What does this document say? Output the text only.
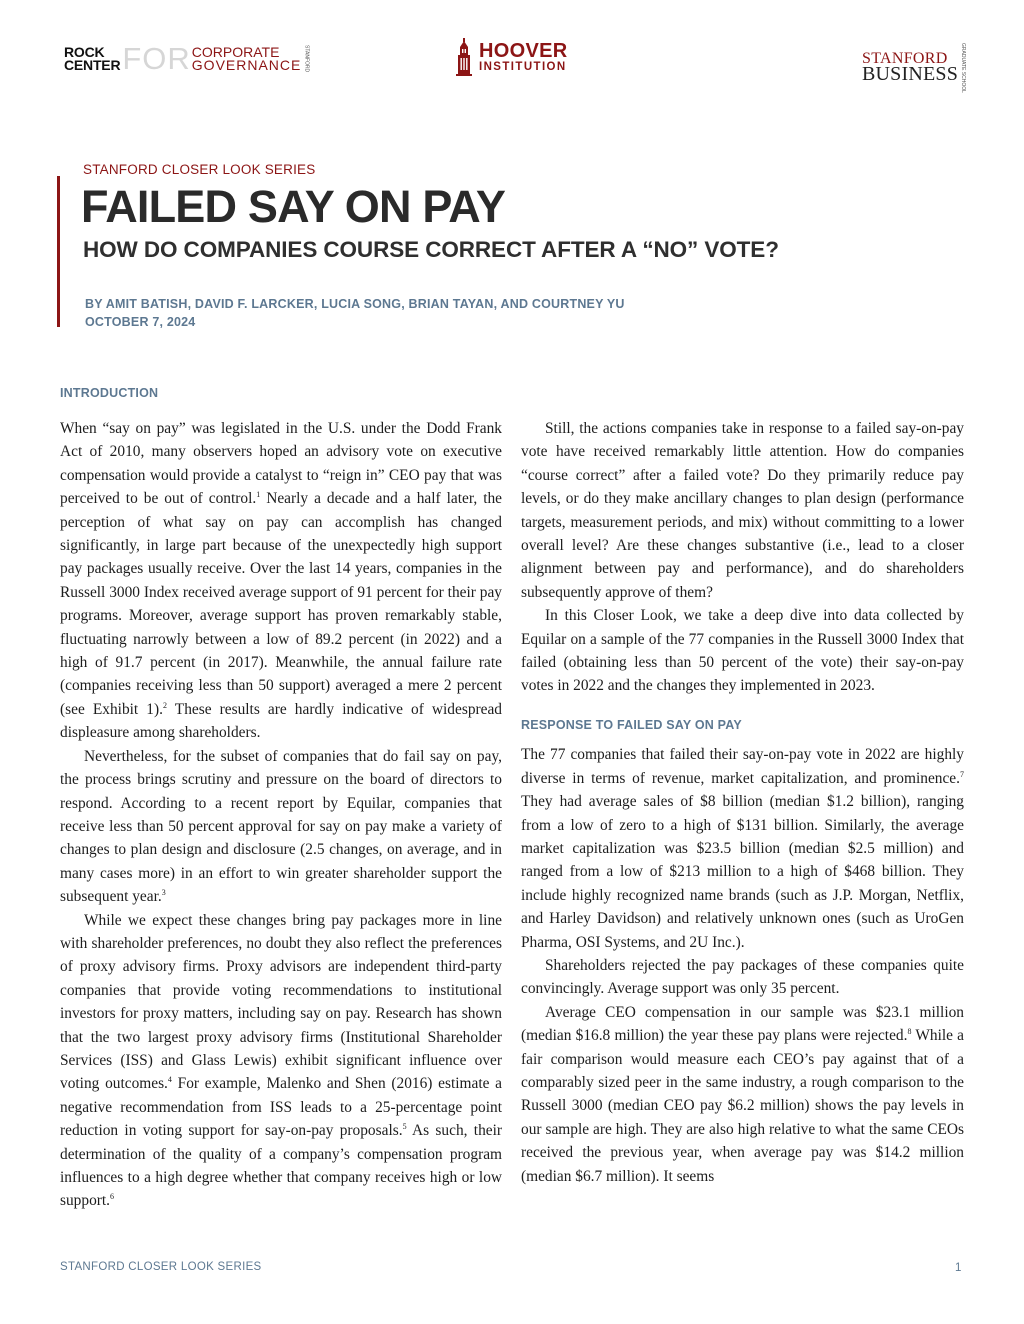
ROCK
CENTER FOR CORPORATE
GOVERNANCE STANFORD	HOOVER
INSTITUTION	STANFORD
BUSINESS GRADUATE SCHOOL
STANFORD CLOSER LOOK SERIES
FAILED SAY ON PAY
HOW DO COMPANIES COURSE CORRECT AFTER A “NO” VOTE?
BY AMIT BATISH, DAVID F. LARCKER, LUCIA SONG, BRIAN TAYAN, AND COURTNEY YU
OCTOBER 7, 2024
INTRODUCTION

When “say on pay” was legislated in the U.S. under the Dodd Frank Act of 2010, many observers hoped an advisory vote on executive compensation would provide a catalyst to “reign in” CEO pay that was perceived to be out of control.$^1$ Nearly a decade and a half later, the perception of what say on pay can accomplish has changed significantly, in large part because of the unexpectedly high support pay packages usually receive. Over the last 14 years, companies in the Russell 3000 Index received average support of 91 percent for their pay programs. Moreover, average support has proven remarkably stable, fluctuating narrowly between a low of 89.2 percent (in 2022) and a high of 91.7 percent (in 2017). Meanwhile, the annual failure rate (companies receiving less than 50 support) averaged a mere 2 percent (see Exhibit 1).$^2$ These results are hardly indicative of widespread displeasure among shareholders.

Nevertheless, for the subset of companies that do fail say on pay, the process brings scrutiny and pressure on the board of directors to respond. According to a recent report by Equilar, companies that receive less than 50 percent approval for say on pay make a variety of changes to plan design and disclosure (2.5 changes, on average, and in many cases more) in an effort to win greater shareholder support the subsequent year.$^3$

While we expect these changes bring pay packages more in line with shareholder preferences, no doubt they also reflect the preferences of proxy advisory firms. Proxy advisors are independent third-party companies that provide voting recommendations to institutional investors for proxy matters, including say on pay. Research has shown that the two largest proxy advisory firms (Institutional Shareholder Services (ISS) and Glass Lewis) exhibit significant influence over voting outcomes.$^4$ For example, Malenko and Shen (2016) estimate a negative recommendation from ISS leads to a 25-percentage point reduction in voting support for say-on-pay proposals.$^5$ As such, their determination of the quality of a company’s compensation program influences to a high degree whether that company receives high or low support.$^6$

Still, the actions companies take in response to a failed say-on-pay vote have received remarkably little attention. How do companies “course correct” after a failed vote? Do they primarily reduce pay levels, or do they make ancillary changes to plan design (performance targets, measurement periods, and mix) without committing to a lower overall level? Are these changes substantive (i.e., lead to a closer alignment between pay and performance), and do shareholders subsequently approve of them?

In this Closer Look, we take a deep dive into data collected by Equilar on a sample of the 77 companies in the Russell 3000 Index that failed (obtaining less than 50 percent of the vote) their say-on-pay votes in 2022 and the changes they implemented in 2023.

RESPONSE TO FAILED SAY ON PAY

The 77 companies that failed their say-on-pay vote in 2022 are highly diverse in terms of revenue, market capitalization, and prominence.$^7$ They had average sales of $8 billion (median $1.2 billion), ranging from a low of zero to a high of $131 billion. Similarly, the average market capitalization was $23.5 billion (median $2.5 million) and ranged from a low of $213 million to a high of $468 billion. They include highly recognized name brands (such as J.P. Morgan, Netflix, and Harley Davidson) and relatively unknown ones (such as UroGen Pharma, OSI Systems, and 2U Inc.).

Shareholders rejected the pay packages of these companies quite convincingly. Average support was only 35 percent.

Average CEO compensation in our sample was $23.1 million (median $16.8 million) the year these pay plans were rejected.$^8$ While a fair comparison would measure each CEO’s pay against that of a comparably sized peer in the same industry, a rough comparison to the Russell 3000 (median CEO pay $6.2 million) shows the pay levels in our sample are high. They are also high relative to what the same CEOs received the previous year, when average pay was $14.2 million (median $6.7 million). It seems

STANFORD CLOSER LOOK SERIES	1
